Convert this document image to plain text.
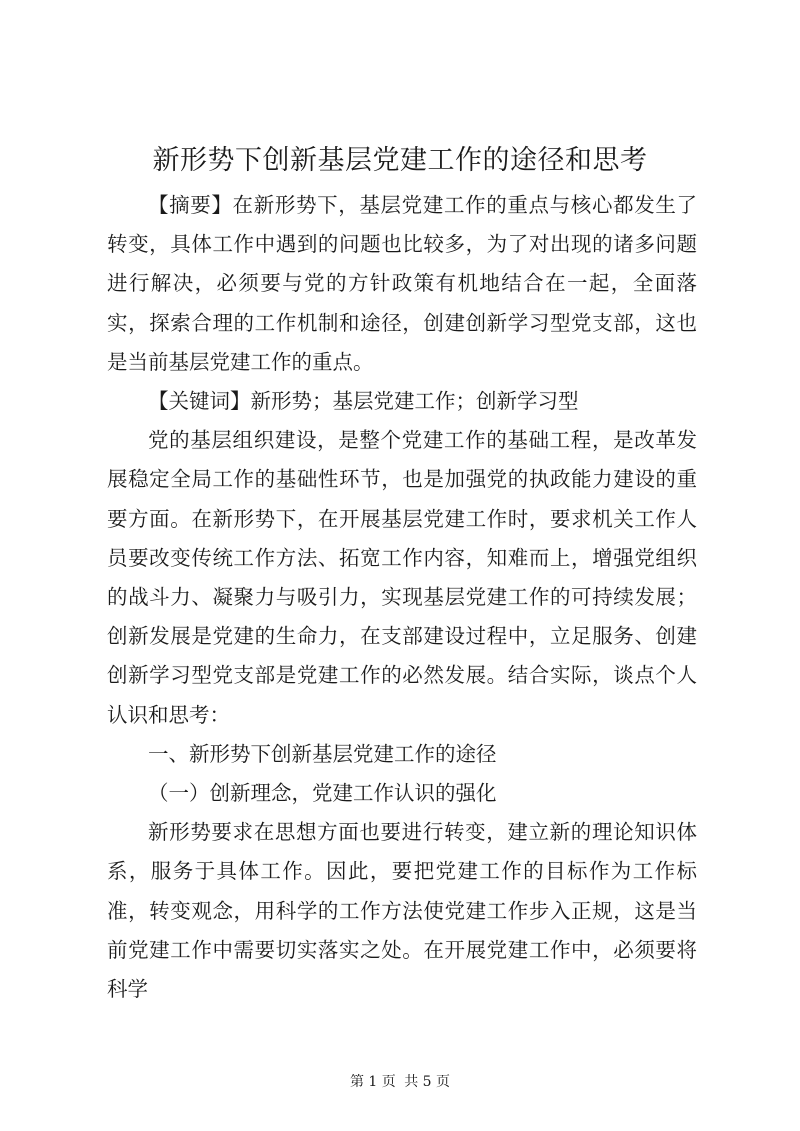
新形势下创新基层党建工作的途径和思考

【摘要】在新形势下，基层党建工作的重点与核心都发生了转变，具体工作中遇到的问题也比较多，为了对出现的诸多问题进行解决，必须要与党的方针政策有机地结合在一起，全面落实，探索合理的工作机制和途径，创建创新学习型党支部，这也是当前基层党建工作的重点。

【关键词】新形势；基层党建工作；创新学习型

党的基层组织建设，是整个党建工作的基础工程，是改革发展稳定全局工作的基础性环节，也是加强党的执政能力建设的重要方面。在新形势下，在开展基层党建工作时，要求机关工作人员要改变传统工作方法、拓宽工作内容，知难而上，增强党组织的战斗力、凝聚力与吸引力，实现基层党建工作的可持续发展；创新发展是党建的生命力，在支部建设过程中，立足服务、创建创新学习型党支部是党建工作的必然发展。结合实际，谈点个人认识和思考：

一、新形势下创新基层党建工作的途径

（一）创新理念，党建工作认识的强化

新形势要求在思想方面也要进行转变，建立新的理论知识体系，服务于具体工作。因此，要把党建工作的目标作为工作标准，转变观念，用科学的工作方法使党建工作步入正规，这是当前党建工作中需要切实落实之处。在开展党建工作中，必须要将科学

第 1 页 共 5 页
